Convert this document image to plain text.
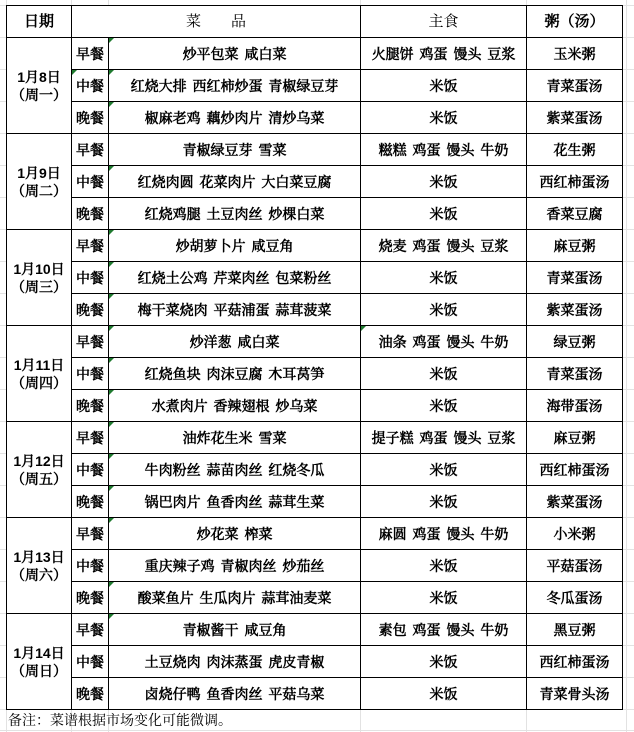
日期	菜　　品		主食	粥（汤）

1月8日
（周一）	早餐	炒平包菜 咸白菜	火腿饼 鸡蛋 馒头 豆浆	玉米粥
	中餐	红烧大排 西红柿炒蛋 青椒绿豆芽	米饭	青菜蛋汤
	晚餐	椒麻老鸡 藕炒肉片 清炒乌菜	米饭	紫菜蛋汤

1月9日
（周二）	早餐	青椒绿豆芽 雪菜	糍糕 鸡蛋 馒头 牛奶	花生粥
	中餐	红烧肉圆 花菜肉片 大白菜豆腐	米饭	西红柿蛋汤
	晚餐	红烧鸡腿 土豆肉丝 炒棵白菜	米饭	香菜豆腐

1月10日
（周三）	早餐	炒胡萝卜片 咸豆角	烧麦 鸡蛋 馒头 豆浆	麻豆粥
	中餐	红烧土公鸡 芹菜肉丝 包菜粉丝	米饭	青菜蛋汤
	晚餐	梅干菜烧肉 平菇浦蛋 蒜茸菠菜	米饭	紫菜蛋汤

1月11日
（周四）	早餐	炒洋葱 咸白菜	油条 鸡蛋 馒头 牛奶	绿豆粥
	中餐	红烧鱼块 肉沫豆腐 木耳莴笋	米饭	青菜蛋汤
	晚餐	水煮肉片 香辣翅根 炒乌菜	米饭	海带蛋汤

1月12日
（周五）	早餐	油炸花生米 雪菜	提子糕 鸡蛋 馒头 豆浆	麻豆粥
	中餐	牛肉粉丝 蒜苗肉丝 红烧冬瓜	米饭	西红柿蛋汤
	晚餐	锅巴肉片 鱼香肉丝 蒜茸生菜	米饭	紫菜蛋汤

1月13日
（周六）	早餐	炒花菜 榨菜	麻圆 鸡蛋 馒头 牛奶	小米粥
	中餐	重庆辣子鸡 青椒肉丝 炒茄丝	米饭	平菇蛋汤
	晚餐	酸菜鱼片 生瓜肉片 蒜茸油麦菜	米饭	冬瓜蛋汤

1月14日
（周日）	早餐	青椒酱干 咸豆角	素包 鸡蛋 馒头 牛奶	黑豆粥
	中餐	土豆烧肉 肉沫蒸蛋 虎皮青椒	米饭	西红柿蛋汤
	晚餐	卤烧仔鸭 鱼香肉丝 平菇乌菜	米饭	青菜骨头汤
备注：菜谱根据市场变化可能微调。
